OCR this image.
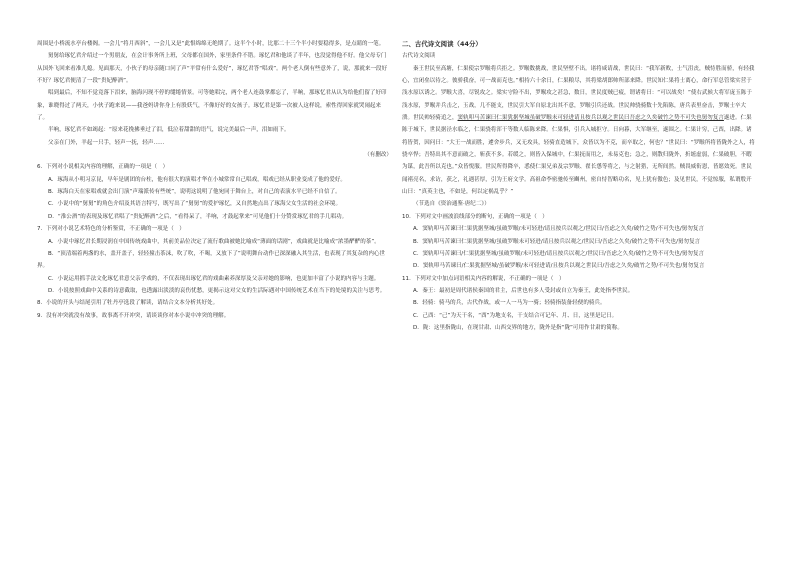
周围是小桥流水亭台楼阁。一会儿“将月西斜”，一会儿又是“此恨绵绵无绝期了。这半个小时，比那二十三个半小时要稳得多，是点睛的一笔。

舅舅给琢忆君介绍过一个男朋友，在会计事务所上班，父母都在国外，家里条件不错。琢忆君和他谈了半年，也没觉得他不好。他父母专门从国外飞回来看准儿媳。见面那天，小伙子的母亲随口问了声“平常有什么爱好”，琢忆君答“唱戏”。两个老人倒有些意外了，说，那就来一段好不好？琢忆君便清了一段“贵妃醉酒”。

唱到最后，不知不觉竟落下泪来，脑海闪现不停的缱绻情景。可等她唱完，两个老人连鼓掌都忘了，半晌，那琢忆君从认为给他们留了好印象，谁晓得过了两天，小伙子跑来说——我爸妈讲你身上有股妖气，不像好好的女孩子。琢忆君是第一次被人这样说，索性得回家就哭闹起来了。

半响，琢忆君不如竭起：“原来花挽拂垂过了泪，低泣着甜甜的语气，说完美最后一声，泪如雨下。

父亲在门外，羊起一只手，轻声一抚，轻声……

（有删改）

6．下列对小说相关内容的理解，正确的一项是（　）

A．琢海从小明习京昆，早年是剧团的台柱，他有很大的演唱才华在小城常常自己唱戏，唱戏已经从职业变成了他的爱好。

B．琢海白天在家唱戏就会出门演“声瑞派传有些统”，说明这说明了他宛同于舞台上，对自己的表演水平已经不自信了。

C．小说中的“舅舅”的角色介绍及其语言特写，既写出了“舅舅”的爱护琢忆，又自然地点出了琢海父女生活的社会环境。

D．“淮公酒”的表现及琢忆君唱了“贵妃醉酒”之后，“看得呆了，半响，才鼓起掌来”可见他们十分赞赏琢忆君的手几唱功。

7．下列对小说艺术特色的分析鉴赏，不正确的一项是（　）

A．小说中琢忆君长期浸润在中国传统戏曲中，其前美品位决定了流行歌曲被她比喻成“薄面的话剧”，戏曲就是比喻成“浓墨酽酽的茶”。

B．“顶清端着两盏的水，盖开盖子，轻轻撞击茶沫，吹了吹，不喝，又放下了”说明舞台动作已深深融入其生活，也表现了其复杂的内心世界。

C．小说运用抓手法文化琢忆君意父亲学戏的，不仅表现出琢忆君的戏曲素养深厚及父亲对她的影响，也更加丰富了小说的内容与主题。

D．小说按照戏曲中关系的诗意截取，也透露出淡淡的哀伤忧愁，更揭示这对父女的生活际遇对中国传统艺术在当下的处境的关注与思考。

8．小说的开头与结尾引用了牡丹亭选段了解读，请结合文本分析其好处。

9．没有冲突就没有故事，故事离不开冲突，请谈谈你对本小说中冲突的理解。

二、古代诗文阅读（44分）

古代诗文阅读

秦王世民至高塘，仁果使宗罗睺将兵拒之。罗睺数挑战，世民坚壁不出。诸将咸请战，世民曰：“我军新败，士气沮丧，贼恃胜而骄，有轻我心，宜闭垒以待之。彼骄我奋，可一战而克也。”相持六十余日，仁果粮尽，其将梁胡郎帅所部来降。世民知仁果将士离心，命行军总管梁实营于浅水原以诱之。罗睺大喜，尽锐攻之。梁实守险不出，罗睺攻之甚急，数日，世民度贼已疲，谓诸将曰：“可以战矣！”使右武候大将军庞玉陈于浅水原，罗睺并兵击之，玉战，几不能支，世民引大军自原北出其不意，罗睺引兵还战。世民帅骁骑数十先陷陈，唐兵表里奋击，罗睺士卒大溃。世民帅轻骑追之，窦轨叩马苦谏曰仁果犹据坚城虽破罗睺未可轻进请且按兵以观之世民曰吾虑之久矣破竹之势不可失也舅勿复言遂进。仁果陈于城下，世民据泾水临之，仁果骁将浑干等数人临陈来降。仁果惧，引兵入城拒守。日向暮，大军继至，遂围之。仁果计穷，己酉，出降。诸将皆贺，因问曰：“大王一战而胜，遽舍步兵，又无攻具，轻骑直造城下，众皆以为不克，而卒取之，何也？”世民曰：“罗睺所将皆陇外之人，将骁卒悍；吾特出其不意而破之，斩获不多。若缓之，则皆入保城中，仁果抚而用之，未易克也；急之，则散归陇外，折墌虚弱，仁果破胆，不暇为谋，此吾所以克也。”众皆悦服。世民所得降卒，悉使仁果兄弟及宗罗睺、翟长愻等将之，与之射猎，无所间然。贼畏威衔恩，皆愿效死。世民闻褚亮名，求访，获之，礼遇甚厚，引为王府文学。高祖命李密驰传至豳州，密自恃智略功名，见上犹有傲色；及见世民，不觉惊服，私谓殷开山曰：“真英主也，不如是，何以定祸乱乎？”

（节选自《资治通鉴·唐纪二》）

10．下列对文中画波浪线部分的断句，正确的一项是（　）

A．窦轨叩马苦谏曰仁果犹据坚城/虽破罗睺/未可轻进/请且按兵以观之/世民曰/吾虑之久矣/破竹之势/不可失也/舅勿复言

B．窦轨叩马苦谏曰仁果犹据坚城/虽破罗睺未可轻进/请且按兵以观之/世民曰/吾虑之久矣/破竹之势不可失也/舅勿复言

C．窦轨叩马苦谏曰/仁果犹据坚城/虽破罗睺/未可轻进/请且按兵以观之/世民曰/吾虑之久矣/破竹之势不可失也/舅勿复言

D．窦轨叩马苦谏曰/仁果犹据坚城/虽破罗睺/未可轻进请/且按兵以观之世民曰/吾虑之久矣/破竹之势/不可失也/舅勿复言

11．下列对文中加点词语相关内容的解说，不正确的一项是（　）

A．秦王：最初是周代诸侯秦国的君主，后世也有多人受封或自立为秦王，此处指李世民。

B．轻骑：骑马的兵，古代作战，或一人一马为一骑；轻骑指装备轻便的骑兵。

C．己酉：“己”为天干名，“酉”为地支名，干支结合可记年、月、日，这里是记日。

D．陇：这里指陇山，在现甘肃、山西交界的地方，陇外是指“陇”可用作甘肃的简称。
